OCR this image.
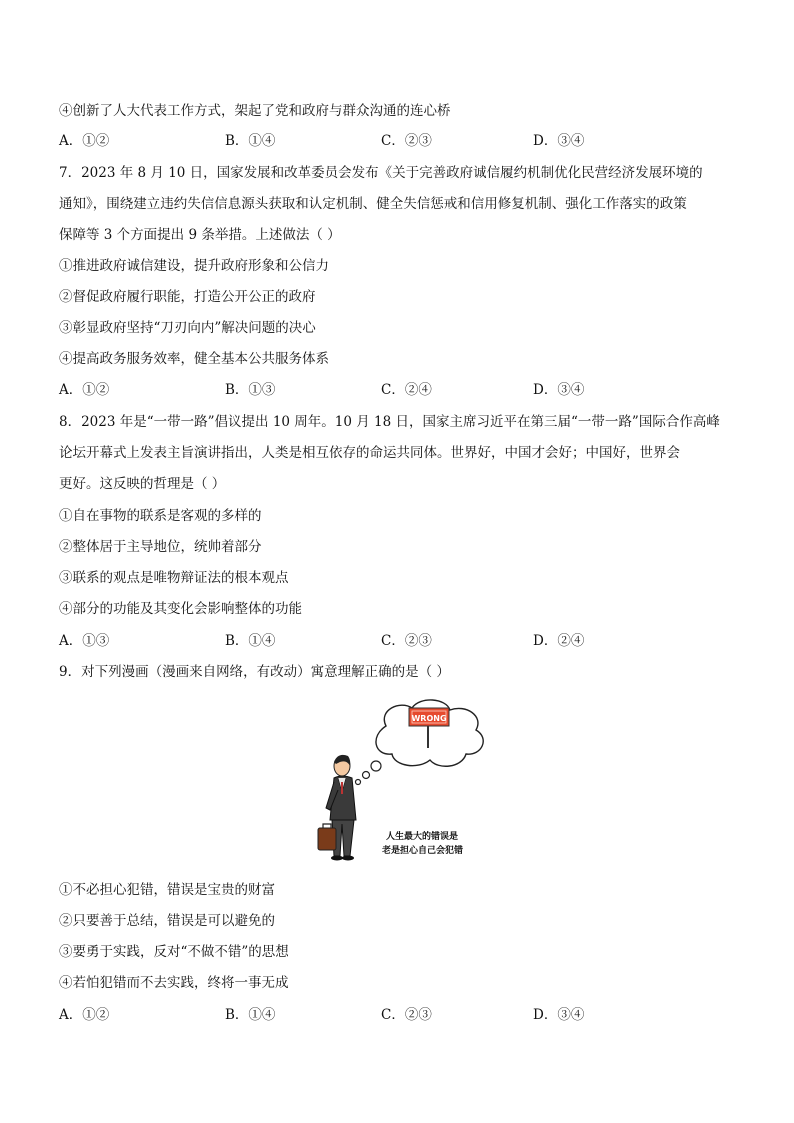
④创新了人大代表工作方式，架起了党和政府与群众沟通的连心桥
A．①②	B．①④	C．②③	D．③④
7．2023 年 8 月 10 日，国家发展和改革委员会发布《关于完善政府诚信履约机制优化民营经济发展环境的
通知》，围绕建立违约失信信息源头获取和认定机制、健全失信惩戒和信用修复机制、强化工作落实的政策
保障等 3 个方面提出 9 条举措。上述做法（ ）
①推进政府诚信建设，提升政府形象和公信力
②督促政府履行职能，打造公开公正的政府
③彰显政府坚持“刀刃向内”解决问题的决心
④提高政务服务效率，健全基本公共服务体系
A．①②	B．①③	C．②④	D．③④
8．2023 年是“一带一路”倡议提出 10 周年。10 月 18 日，国家主席习近平在第三届“一带一路”国际合作高峰
论坛开幕式上发表主旨演讲指出，人类是相互依存的命运共同体。世界好，中国才会好；中国好，世界会
更好。这反映的哲理是（ ）
①自在事物的联系是客观的多样的
②整体居于主导地位，统帅着部分
③联系的观点是唯物辩证法的根本观点
④部分的功能及其变化会影响整体的功能
A．①③	B．①④	C．②③	D．②④
9．对下列漫画（漫画来自网络，有改动）寓意理解正确的是（ ）
WRONG
人生最大的错误是
老是担心自己会犯错
①不必担心犯错，错误是宝贵的财富
②只要善于总结，错误是可以避免的
③要勇于实践，反对“不做不错”的思想
④若怕犯错而不去实践，终将一事无成
A．①②	B．①④	C．②③	D．③④
